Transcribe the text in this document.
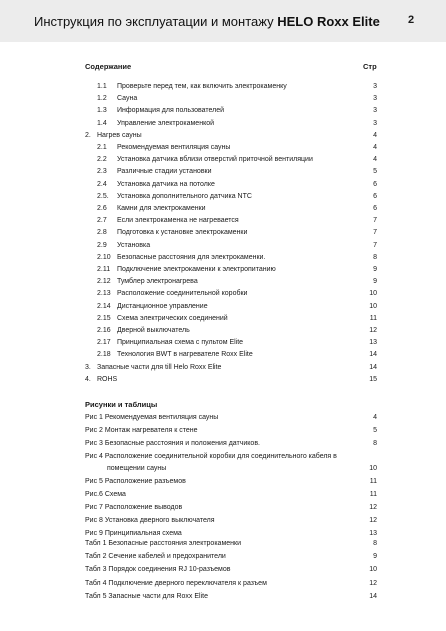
Инструкция по эксплуатации и монтажу HELO Roxx Elite	2
Содержание	Стр
1.1 Проверьте перед тем, как включить электрокаменку	3
1.2 Сауна	3
1.3 Информация для пользователей	3
1.4 Управление электрокаменкой	3
2. Нагрев сауны	4
2.1 Рекомендуемая вентиляция сауны	4
2.2 Установка датчика вблизи отверстий приточной вентиляции	4
2.3 Различные стадии установки	5
2.4 Установка датчика на потолке	6
2.5. Установка дополнительного датчика NTC	6
2.6 Камни для электрокаменки	6
2.7 Если электрокаменка не нагревается	7
2.8 Подготовка к установке электрокаменки	7
2.9 Установка	7
2.10 Безопасные расстояния для электрокаменки.	8
2.11 Подключение электрокаменки к электропитанию	9
2.12 Тумблер электронагрева	9
2.13 Расположение соединительной коробки	10
2.14 Дистанционное управление	10
2.15 Схема электрических соединений	11
2.16 Дверной выключатель	12
2.17 Принципиальная схема с пультом Elite	13
2.18 Технология BWT в нагревателе Roxx Elite	14
3. Запасные части для till Helo Roxx Elite	14
4. ROHS	15
Рисунки и таблицы
Рис 1 Рекомендуемая вентиляция сауны	4
Рис 2 Монтаж нагревателя к стене	5
Рис 3 Безопасные расстояния и положения датчиков.	8
Рис 4 Расположение соединительной коробки для соединительного кабеля в
помещении сауны	10
Рис 5 Расположение разъемов	11
Рис.6 Схема	11
Рис 7 Расположение выводов	12
Рис 8 Установка дверного выключателя	12
Рис 9 Принципиальная схема	13
Табл 1 Безопасные расстояния электрокаменки	8
Табл 2 Сечение кабелей и предохранители	9
Табл 3 Порядок соединения RJ 10-разъемов	10
Табл 4 Подключение дверного переключателя к разъем	12
Табл 5 Запасные части для Roxx Elite	14
